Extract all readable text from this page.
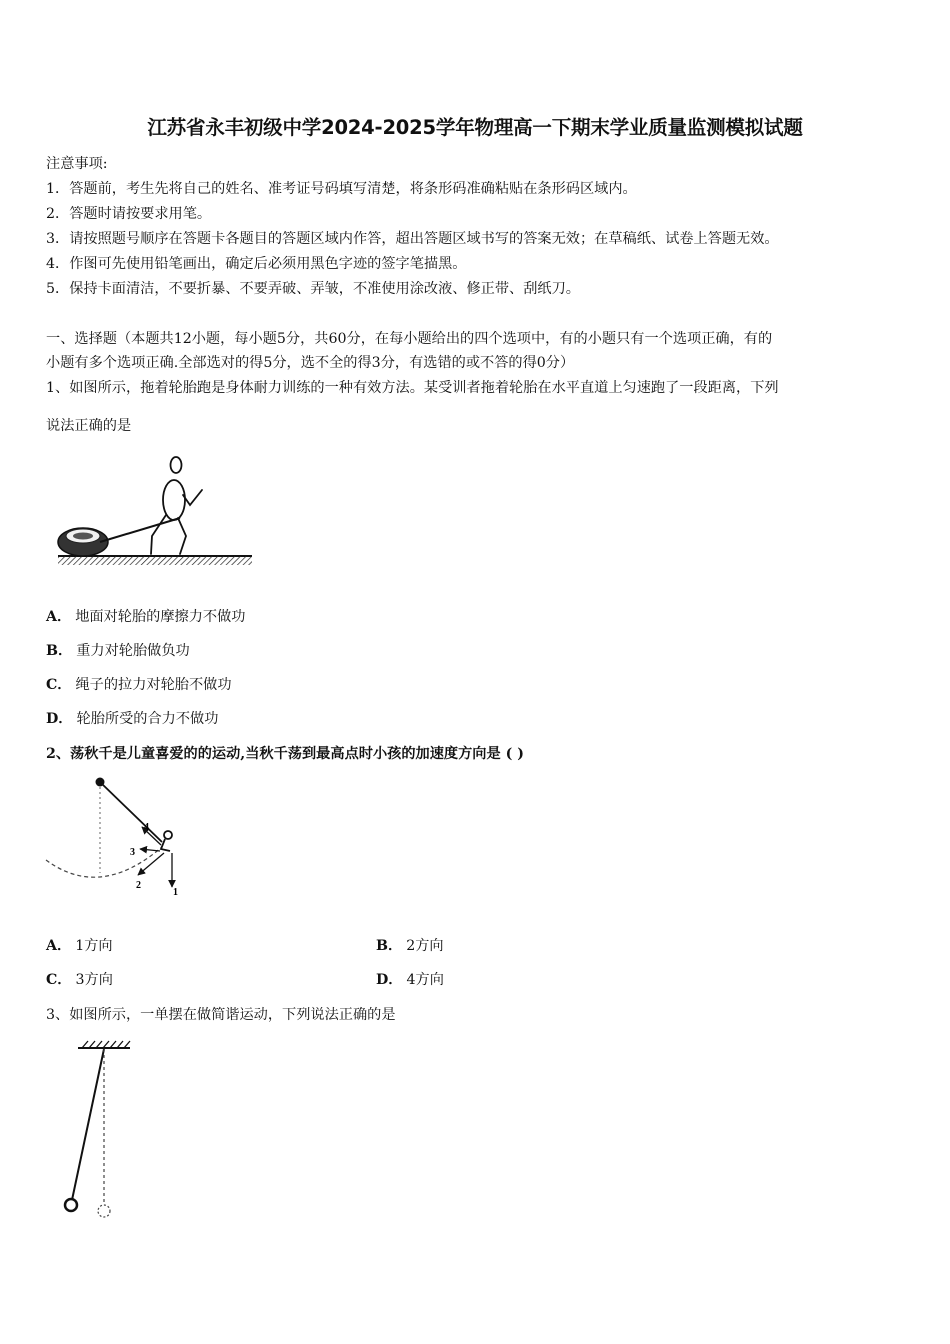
江苏省永丰初级中学2024-2025学年物理高一下期末学业质量监测模拟试题
注意事项:
1．答题前，考生先将自己的姓名、准考证号码填写清楚，将条形码准确粘贴在条形码区域内。
2．答题时请按要求用笔。
3．请按照题号顺序在答题卡各题目的答题区域内作答，超出答题区域书写的答案无效；在草稿纸、试卷上答题无效。
4．作图可先使用铅笔画出，确定后必须用黑色字迹的签字笔描黑。
5．保持卡面清洁，不要折暴、不要弄破、弄皱，不准使用涂改液、修正带、刮纸刀。
一、选择题（本题共12小题，每小题5分，共60分，在每小题给出的四个选项中，有的小题只有一个选项正确，有的
小题有多个选项正确.全部选对的得5分，选不全的得3分，有选错的或不答的得0分）
1、如图所示，拖着轮胎跑是身体耐力训练的一种有效方法。某受训者拖着轮胎在水平直道上匀速跑了一段距离，下列
说法正确的是
A． 地面对轮胎的摩擦力不做功
B． 重力对轮胎做负功
C． 绳子的拉力对轮胎不做功
D． 轮胎所受的合力不做功
2、荡秋千是儿童喜爱的的运动,当秋千荡到最高点时小孩的加速度方向是 ( )
4
3
2
1
A． 1方向	B． 2方向
C． 3方向	D． 4方向
3、如图所示，一单摆在做简谐运动，下列说法正确的是
